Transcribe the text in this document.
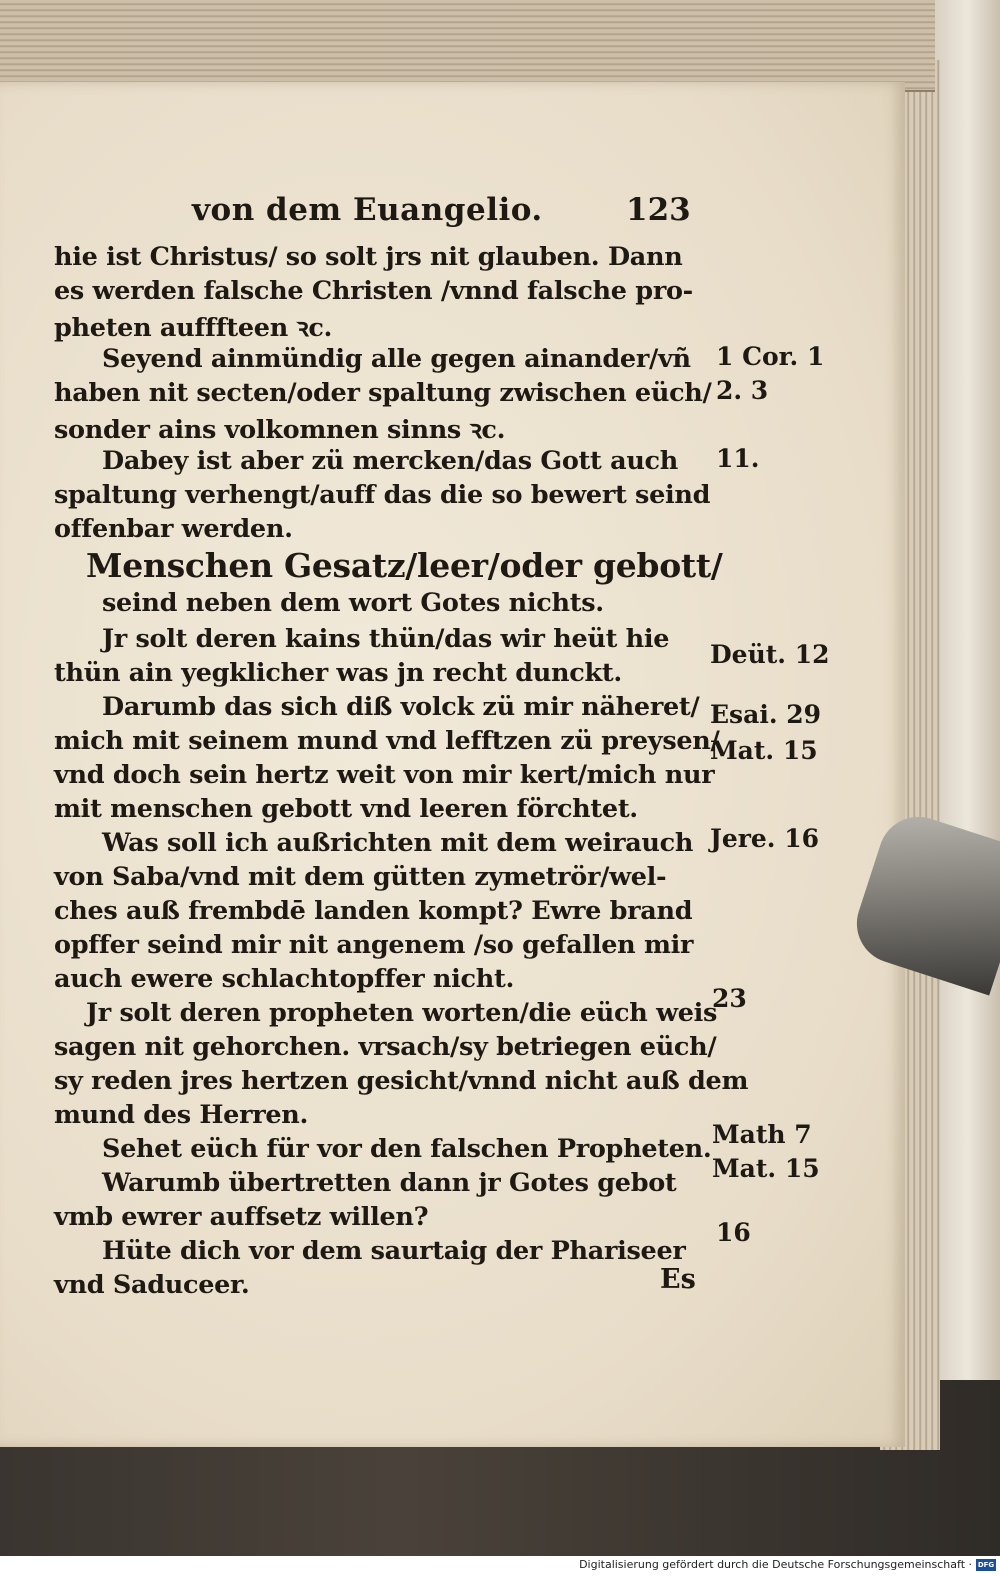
von dem Euangelio.	123
hie ist Christus/ so solt jrs nit glauben. Dann
es werden falsche Christen /vnnd falsche pro-
pheten aufffteen ꝛc.
Seyend ainmündig alle gegen ainander/vñ
haben nit secten/oder spaltung zwischen eüch/
sonder ains volkomnen sinns ꝛc.
Dabey ist aber zü mercken/das Gott auch
spaltung verhengt/auff das die so bewert seind
offenbar werden.
Menschen Gesatz/leer/oder gebott/
seind neben dem wort Gotes nichts.
Jr solt deren kains thün/das wir heüt hie
thün ain yegklicher was jn recht dunckt.
Darumb das sich diß volck zü mir näheret/
mich mit seinem mund vnd lefftzen zü preysen/
vnd doch sein hertz weit von mir kert/mich nur
mit menschen gebott vnd leeren förchtet.
Was soll ich außrichten mit dem weirauch
von Saba/vnd mit dem gütten zymetrör/wel-
ches auß frembdē landen kompt? Ewre brand
opffer seind mir nit angenem /so gefallen mir
auch ewere schlachtopffer nicht.
Jr solt deren propheten worten/die eüch weis
sagen nit gehorchen. vrsach/sy betriegen eüch/
sy reden jres hertzen gesicht/vnnd nicht auß dem
mund des Herren.
Sehet eüch für vor den falschen Propheten.
Warumb übertretten dann jr Gotes gebot
vmb ewrer auffsetz willen?
Hüte dich vor dem saurtaig der Phariseer
vnd Saduceer.
1 Cor. 1
2. 3
11.
Deüt. 12
Esai. 29
Mat. 15
Jere. 16
23
Math 7
Mat. 15
16
Es
Digitalisierung gefördert durch die Deutsche Forschungsgemeinschaft · DFG
